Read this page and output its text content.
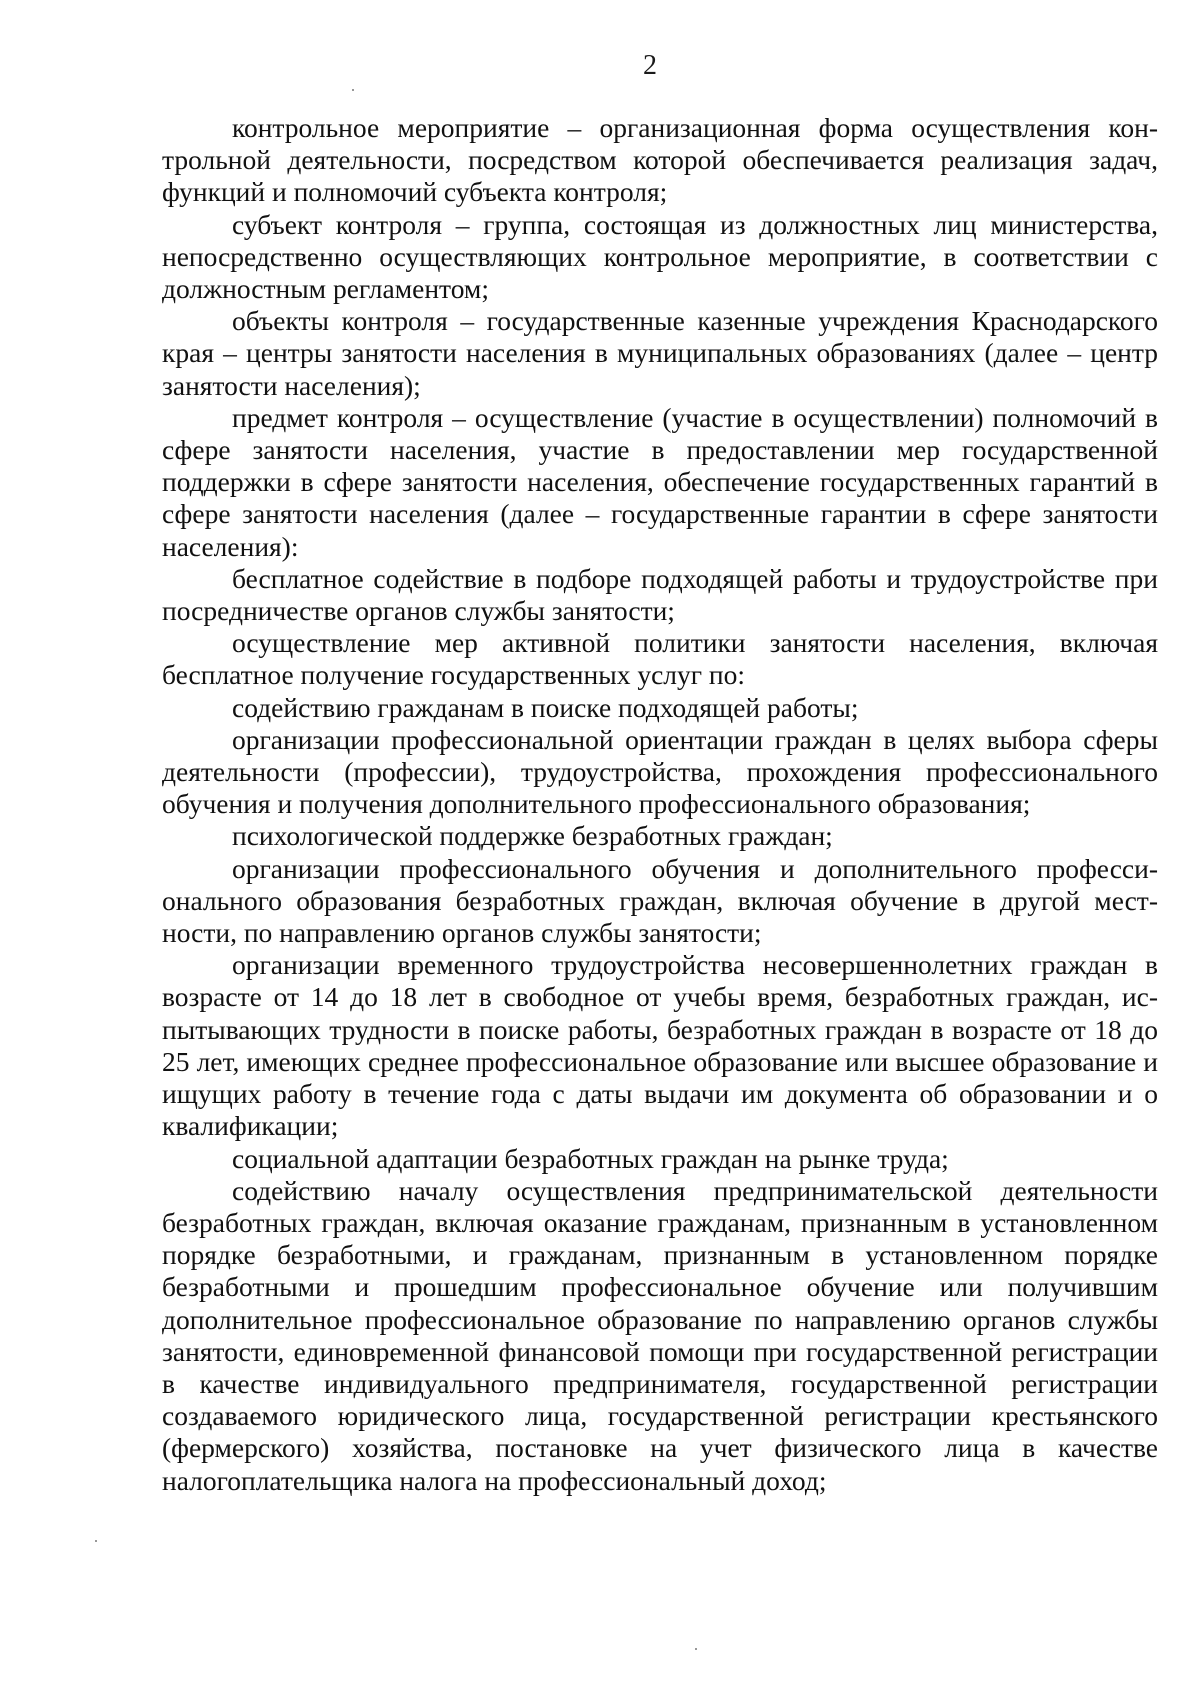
2

контрольное мероприятие – организационная форма осуществления контрольной деятельности, посредством которой обеспечивается реализация задач, функций и полномочий субъекта контроля;

субъект контроля – группа, состоящая из должностных лиц министерства, непосредственно осуществляющих контрольное мероприятие, в соответствии с должностным регламентом;

объекты контроля – государственные казенные учреждения Краснодарского края – центры занятости населения в муниципальных образованиях (далее – центр занятости населения);

предмет контроля – осуществление (участие в осуществлении) полномочий в сфере занятости населения, участие в предоставлении мер государственной поддержки в сфере занятости населения, обеспечение государственных гарантий в сфере занятости населения (далее – государственные гарантии в сфере занятости населения):

бесплатное содействие в подборе подходящей работы и трудоустройстве при посредничестве органов службы занятости;

осуществление мер активной политики занятости населения, включая бесплатное получение государственных услуг по:

содействию гражданам в поиске подходящей работы;

организации профессиональной ориентации граждан в целях выбора сферы деятельности (профессии), трудоустройства, прохождения профессионального обучения и получения дополнительного профессионального образования;

психологической поддержке безработных граждан;

организации профессионального обучения и дополнительного профессионального образования безработных граждан, включая обучение в другой местности, по направлению органов службы занятости;

организации временного трудоустройства несовершеннолетних граждан в возрасте от 14 до 18 лет в свободное от учебы время, безработных граждан, испытывающих трудности в поиске работы, безработных граждан в возрасте от 18 до 25 лет, имеющих среднее профессиональное образование или высшее образование и ищущих работу в течение года с даты выдачи им документа об образовании и о квалификации;

социальной адаптации безработных граждан на рынке труда;

содействию началу осуществления предпринимательской деятельности безработных граждан, включая оказание гражданам, признанным в установленном порядке безработными, и гражданам, признанным в установленном порядке безработными и прошедшим профессиональное обучение или получившим дополнительное профессиональное образование по направлению органов службы занятости, единовременной финансовой помощи при государственной регистрации в качестве индивидуального предпринимателя, государственной регистрации создаваемого юридического лица, государственной регистрации крестьянского (фермерского) хозяйства, постановке на учет физического лица в качестве налогоплательщика налога на профессиональный доход;
